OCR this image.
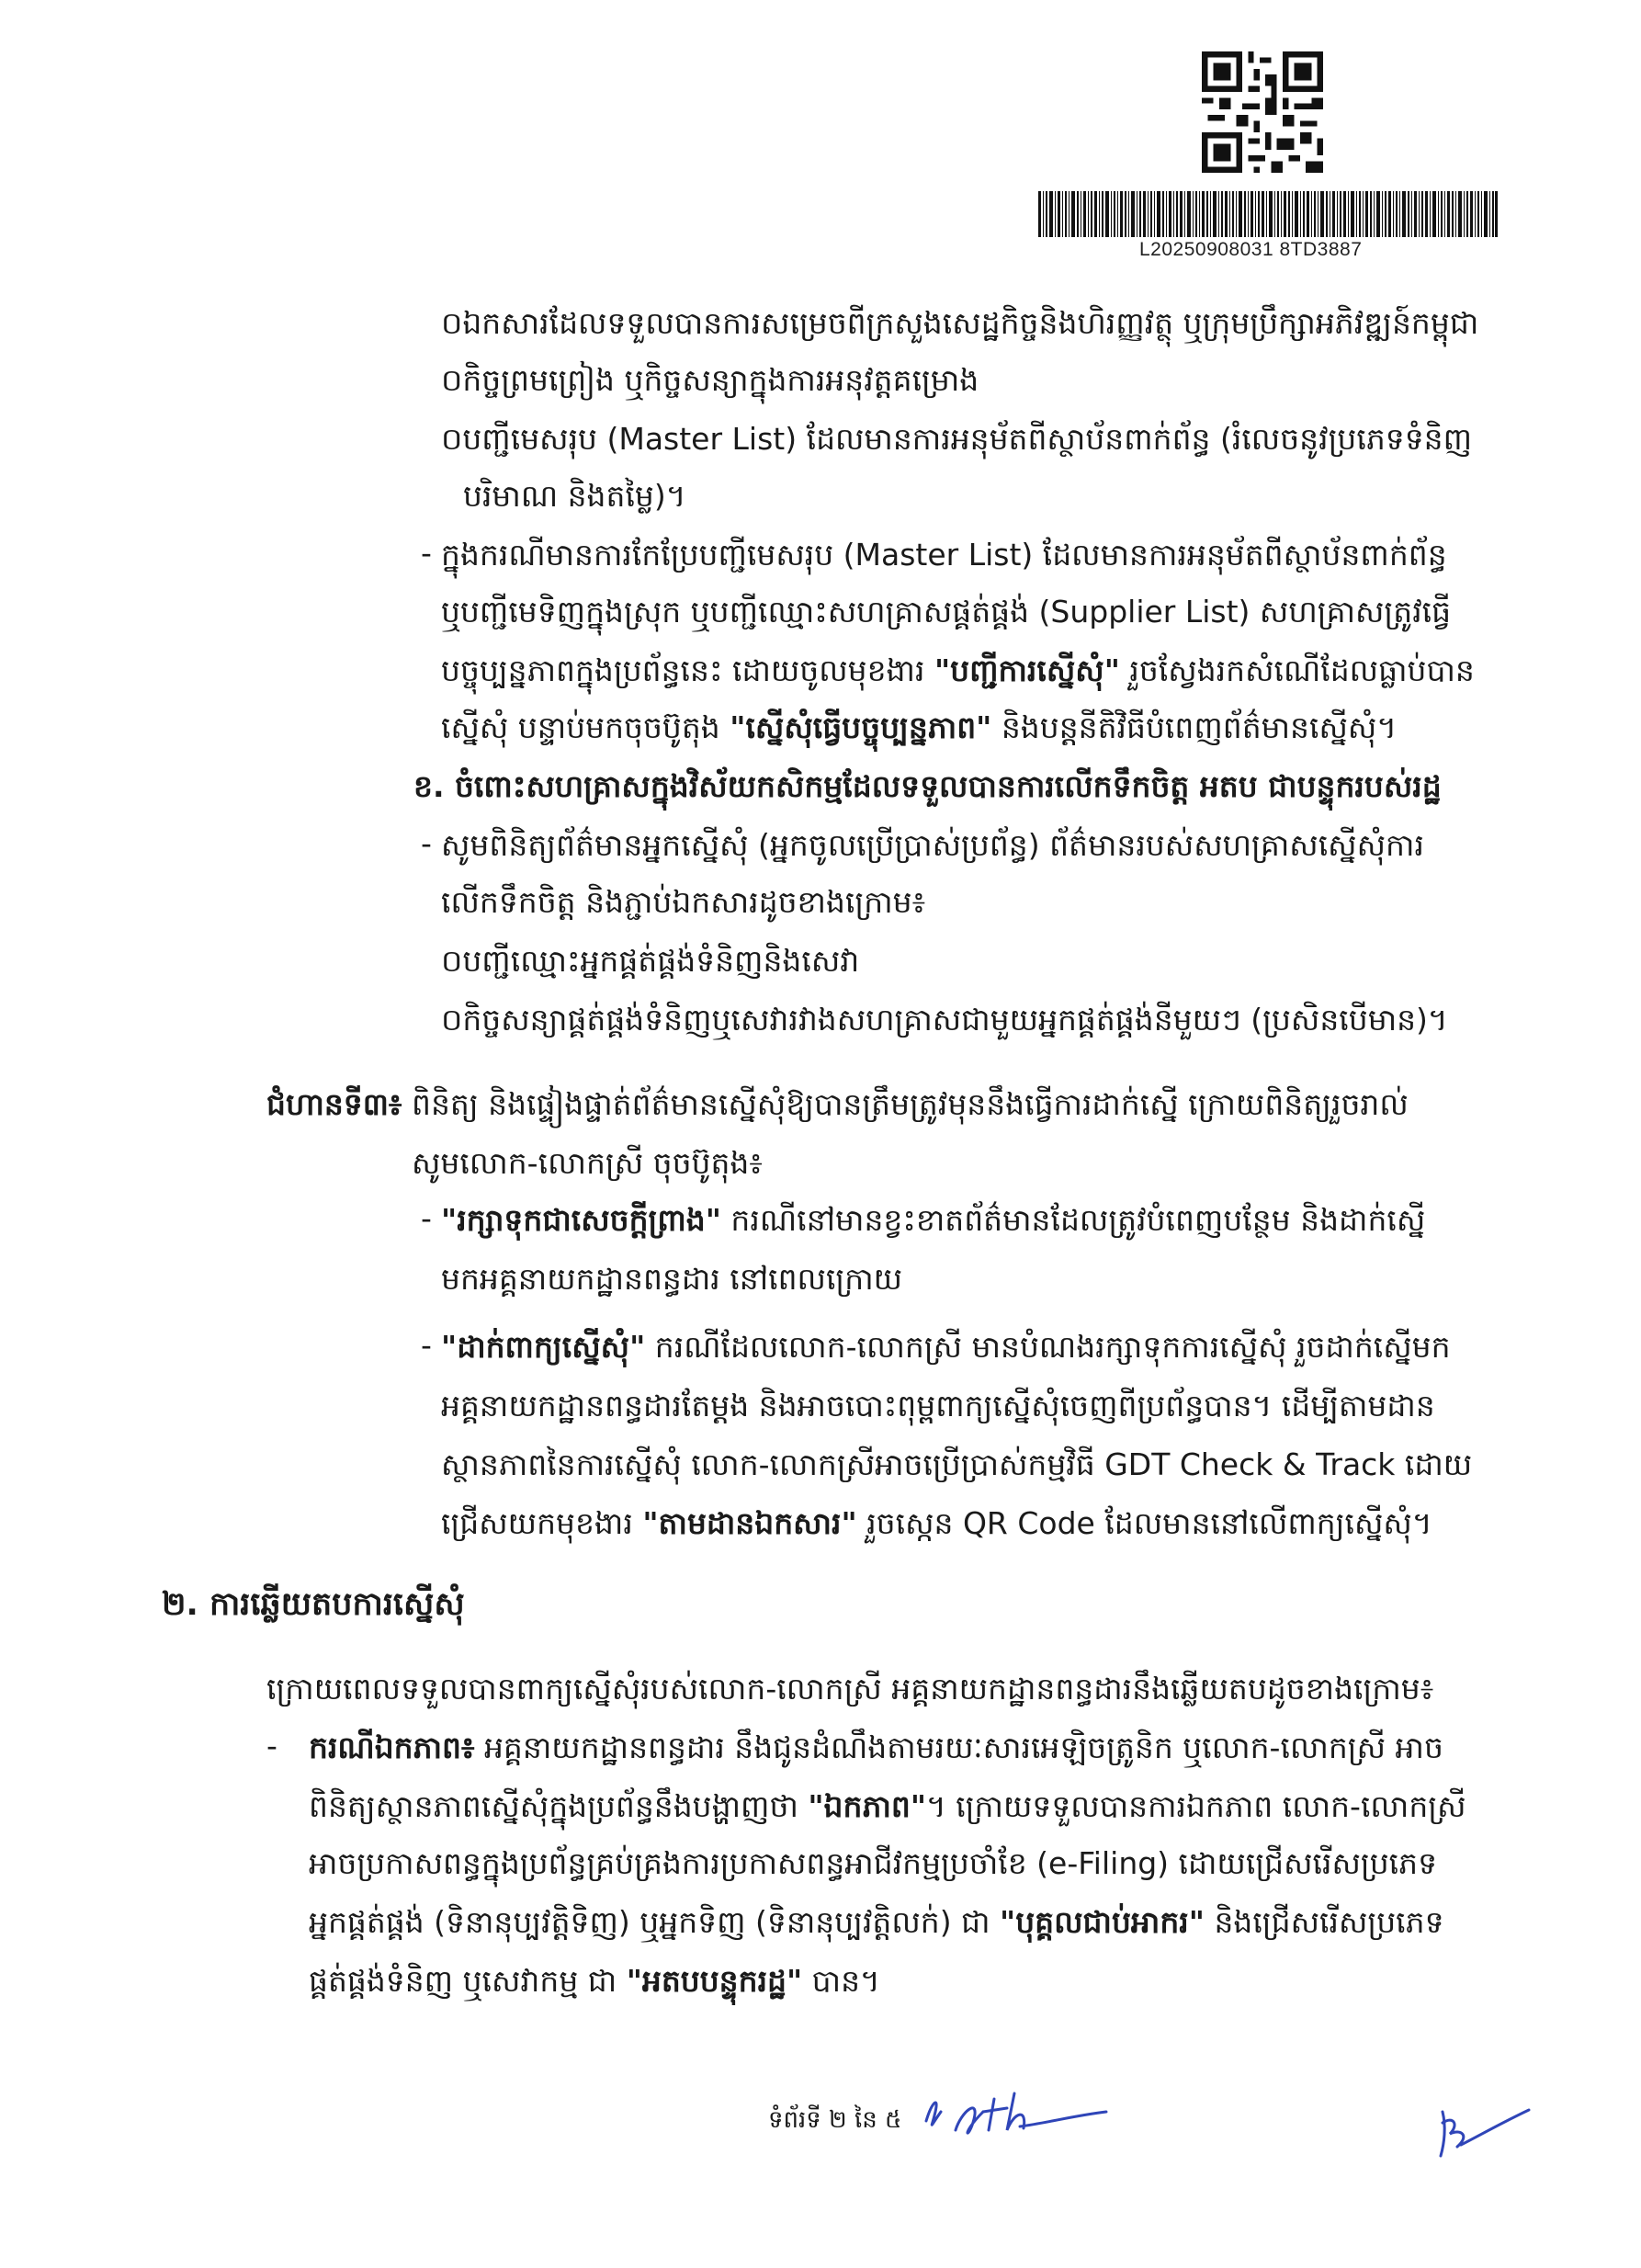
L20250908031 8TD3887
០ឯកសារដែលទទួលបានការសម្រេចពីក្រសួងសេដ្ឋកិច្ចនិងហិរញ្ញវត្ថុ ឬក្រុមប្រឹក្សាអភិវឌ្ឍន៍កម្ពុជា
០កិច្ចព្រមព្រៀង ឬកិច្ចសន្យាក្នុងការអនុវត្តគម្រោង
០បញ្ជីមេសរុប (Master List) ដែលមានការអនុម័តពីស្ថាប័នពាក់ព័ន្ធ (រំលេចនូវប្រភេទទំនិញ
បរិមាណ និងតម្លៃ)។
- ក្នុងករណីមានការកែប្រែបញ្ជីមេសរុប (Master List) ដែលមានការអនុម័តពីស្ថាប័នពាក់ព័ន្ធ
ឬបញ្ជីមេទិញក្នុងស្រុក ឬបញ្ជីឈ្មោះសហគ្រាសផ្គត់ផ្គង់ (Supplier List) សហគ្រាសត្រូវធ្វើ
បច្ចុប្បន្នភាពក្នុងប្រព័ន្ធនេះ ដោយចូលមុខងារ "បញ្ជីការស្នើសុំ" រួចស្វែងរកសំណើដែលធ្លាប់បាន
ស្នើសុំ បន្ទាប់មកចុចប៊ូតុង "ស្នើសុំធ្វើបច្ចុប្បន្នភាព" និងបន្តនីតិវិធីបំពេញព័ត៌មានស្នើសុំ។
ខ. ចំពោះសហគ្រាសក្នុងវិស័យកសិកម្មដែលទទួលបានការលើកទឹកចិត្ត អតប ជាបន្ទុករបស់រដ្ឋ
- សូមពិនិត្យព័ត៌មានអ្នកស្នើសុំ (អ្នកចូលប្រើប្រាស់ប្រព័ន្ធ) ព័ត៌មានរបស់សហគ្រាសស្នើសុំការ
លើកទឹកចិត្ត និងភ្ជាប់ឯកសារដូចខាងក្រោម៖
០បញ្ជីឈ្មោះអ្នកផ្គត់ផ្គង់ទំនិញនិងសេវា
០កិច្ចសន្យាផ្គត់ផ្គង់ទំនិញឬសេវារវាងសហគ្រាសជាមួយអ្នកផ្គត់ផ្គង់នីមួយៗ (ប្រសិនបើមាន)។
ជំហានទី៣៖ ពិនិត្យ និងផ្ទៀងផ្ទាត់ព័ត៌មានស្នើសុំឱ្យបានត្រឹមត្រូវមុននឹងធ្វើការដាក់ស្នើ ក្រោយពិនិត្យរួចរាល់
សូមលោក-លោកស្រី ចុចប៊ូតុង៖
- "រក្សាទុកជាសេចក្តីព្រាង" ករណីនៅមានខ្វះខាតព័ត៌មានដែលត្រូវបំពេញបន្ថែម និងដាក់ស្នើ
មកអគ្គនាយកដ្ឋានពន្ធដារ នៅពេលក្រោយ
- "ដាក់ពាក្យស្នើសុំ" ករណីដែលលោក-លោកស្រី មានបំណងរក្សាទុកការស្នើសុំ រួចដាក់ស្នើមក
អគ្គនាយកដ្ឋានពន្ធដារតែម្តង និងអាចបោះពុម្ពពាក្យស្នើសុំចេញពីប្រព័ន្ធបាន។ ដើម្បីតាមដាន
ស្ថានភាពនៃការស្នើសុំ លោក-លោកស្រីអាចប្រើប្រាស់កម្មវិធី GDT Check & Track ដោយ
ជ្រើសយកមុខងារ "តាមដានឯកសារ" រួចស្កេន QR Code ដែលមាននៅលើពាក្យស្នើសុំ។
២. ការឆ្លើយតបការស្នើសុំ
ក្រោយពេលទទួលបានពាក្យស្នើសុំរបស់លោក-លោកស្រី អគ្គនាយកដ្ឋានពន្ធដារនឹងឆ្លើយតបដូចខាងក្រោម៖
- ករណីឯកភាព៖ អគ្គនាយកដ្ឋានពន្ធដារ នឹងជូនដំណឹងតាមរយៈសារអេឡិចត្រូនិក ឬលោក-លោកស្រី អាច
ពិនិត្យស្ថានភាពស្នើសុំក្នុងប្រព័ន្ធនឹងបង្ហាញថា "ឯកភាព"។ ក្រោយទទួលបានការឯកភាព លោក-លោកស្រី
អាចប្រកាសពន្ធក្នុងប្រព័ន្ធគ្រប់គ្រងការប្រកាសពន្ធអាជីវកម្មប្រចាំខែ (e-Filing) ដោយជ្រើសរើសប្រភេទ
អ្នកផ្គត់ផ្គង់ (ទិនានុប្បវត្តិទិញ) ឬអ្នកទិញ (ទិនានុប្បវត្តិលក់) ជា "បុគ្គលជាប់អាករ" និងជ្រើសរើសប្រភេទ
ផ្គត់ផ្គង់ទំនិញ ឬសេវាកម្ម ជា "អតបបន្ទុករដ្ឋ" បាន។
ទំព័រទី ២ នៃ ៥
